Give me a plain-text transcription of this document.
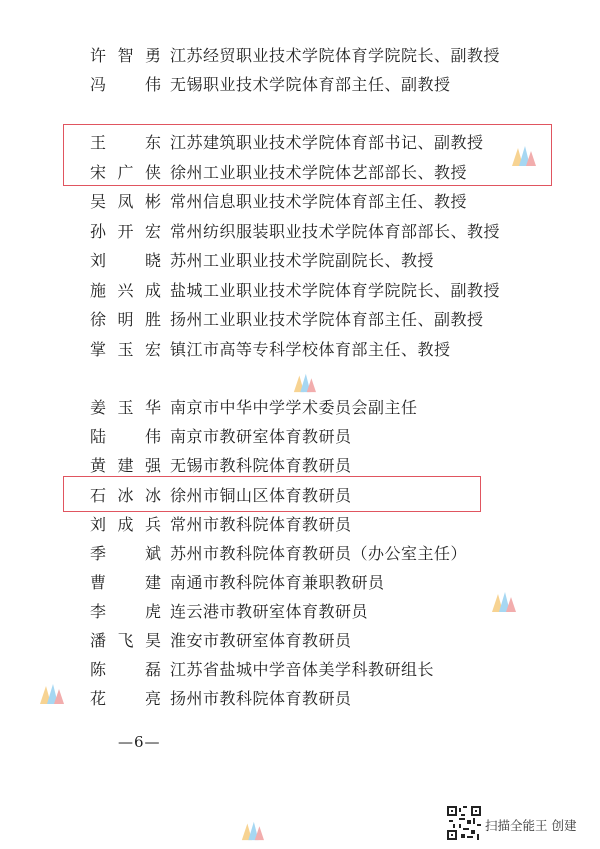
许智勇 江苏经贸职业技术学院体育学院院长、副教授
冯伟 无锡职业技术学院体育部主任、副教授
王东 江苏建筑职业技术学院体育部书记、副教授
宋广侠 徐州工业职业技术学院体艺部部长、教授
吴凤彬 常州信息职业技术学院体育部主任、教授
孙开宏 常州纺织服装职业技术学院体育部部长、教授
刘晓 苏州工业职业技术学院副院长、教授
施兴成 盐城工业职业技术学院体育学院院长、副教授
徐明胜 扬州工业职业技术学院体育部主任、副教授
掌玉宏 镇江市高等专科学校体育部主任、教授
姜玉华 南京市中华中学学术委员会副主任
陆伟 南京市教研室体育教研员
黄建强 无锡市教科院体育教研员
石冰冰 徐州市铜山区体育教研员
刘成兵 常州市教科院体育教研员
季斌 苏州市教科院体育教研员（办公室主任）
曹建 南通市教科院体育兼职教研员
李虎 连云港市教研室体育教研员
潘飞昊 淮安市教研室体育教研员
陈磊 江苏省盐城中学音体美学科教研组长
花亮 扬州市教科院体育教研员
—6—
扫描全能王 创建
